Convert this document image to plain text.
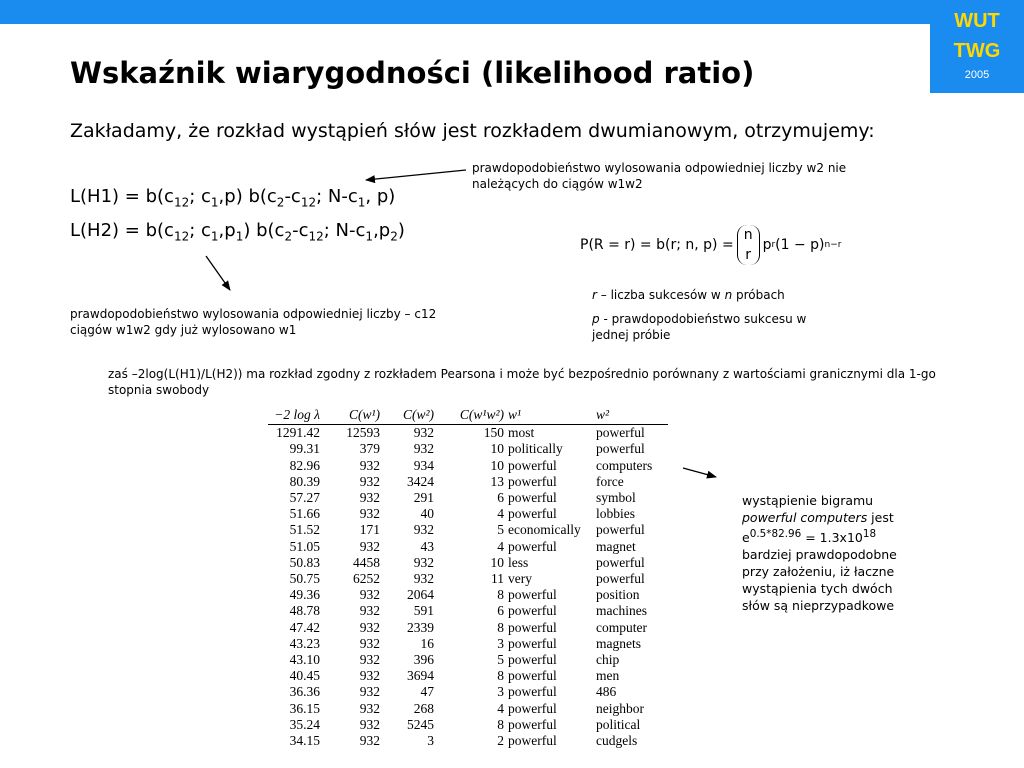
WUT
TWG
2005
Wskaźnik wiarygodności (likelihood ratio)
Zakładamy, że rozkład wystąpień słów jest rozkładem dwumianowym, otrzymujemy:
$L(H1) = b(c_{12}$; $c_1,p$) $b(c_2-c_{12}$; $N-c_1$, p)
$L(H2) = b(c_{12}$; $c_1,p_1$) $b(c_2-c_{12}$; $N-c_1,p_2$)
prawdopodobieństwo wylosowania odpowiedniej liczby w2 nie należących do ciągów w1w2
prawdopodobieństwo wylosowania odpowiedniej liczby – c12 ciągów w1w2 gdy już wylosowano w1
P(R = r) = b(r; n, p) =
n
r
p r (1 − p) n−r
r – liczba sukcesów w n próbach
p - prawdopodobieństwo sukcesu w jednej próbie
zaś –2log(L(H1)/L(H2)) ma rozkład zgodny z rozkładem Pearsona i może być bezpośrednio porównany z wartościami granicznymi dla 1-go stopnia swobody
wystąpienie bigramu powerful computers jest $e^{0.5*82.96} = 1.3x10^{18}$ bardziej prawdopodobne przy założeniu, iż łaczne wystąpienia tych dwóch słów są nieprzypadkowe
−2 log λ	C(w¹)	C(w²)	C(w¹w²)	w¹	w²
1291.42	12593	932	150	most	powerful
99.31	379	932	10	politically	powerful
82.96	932	934	10	powerful	computers
80.39	932	3424	13	powerful	force
57.27	932	291	6	powerful	symbol
51.66	932	40	4	powerful	lobbies
51.52	171	932	5	economically	powerful
51.05	932	43	4	powerful	magnet
50.83	4458	932	10	less	powerful
50.75	6252	932	11	very	powerful
49.36	932	2064	8	powerful	position
48.78	932	591	6	powerful	machines
47.42	932	2339	8	powerful	computer
43.23	932	16	3	powerful	magnets
43.10	932	396	5	powerful	chip
40.45	932	3694	8	powerful	men
36.36	932	47	3	powerful	486
36.15	932	268	4	powerful	neighbor
35.24	932	5245	8	powerful	political
34.15	932	3	2	powerful	cudgels
